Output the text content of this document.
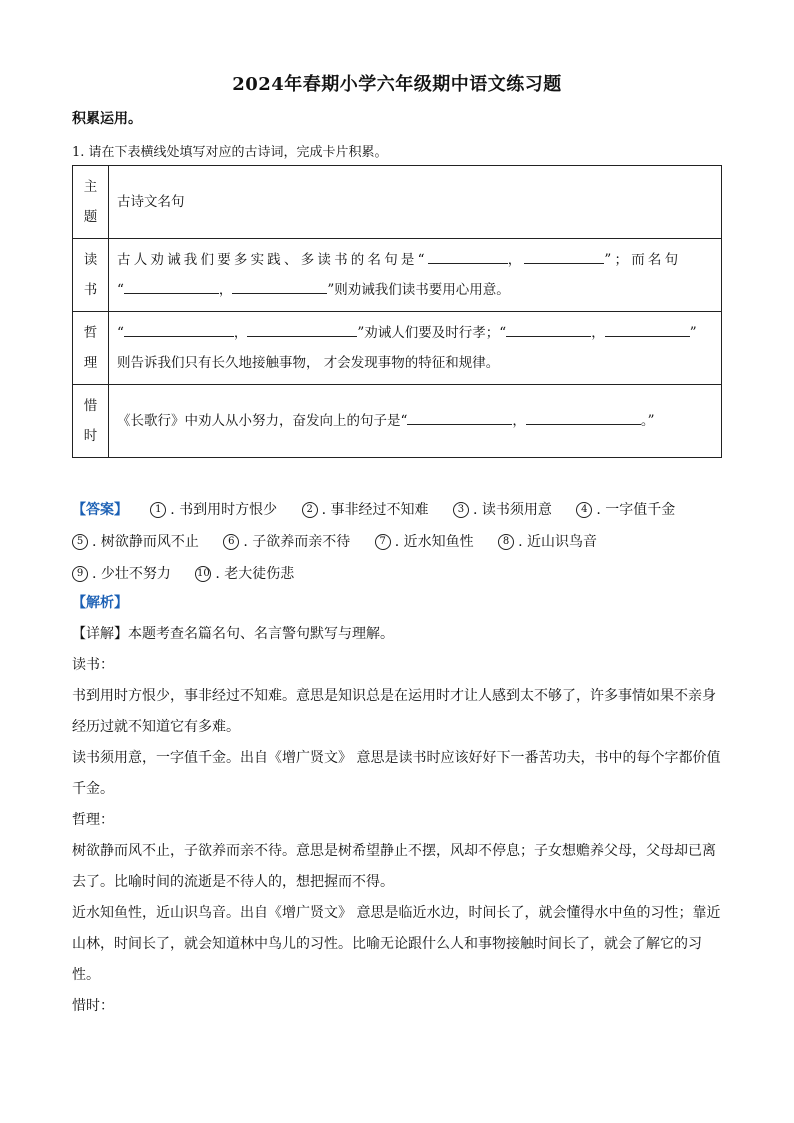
2024年春期小学六年级期中语文练习题
积累运用。
1. 请在下表横线处填写对应的古诗词，完成卡片积累。
主
题	古诗文名句
读
书	古人劝诫我们要多实践、多读书的名句是“ ， ”；而名句
“ ， ”则劝诫我们读书要用心用意。
哲
理	“ ， ”劝诫人们要及时行孝；“ ， ”
则告诉我们只有长久地接触事物， 才会发现事物的特征和规律。
惜
时	《长歌行》中劝人从小努力，奋发向上的句子是“ ， 。”
【答案】	1 . 书到用时方恨少	2 . 事非经过不知难	3 . 读书须用意	4 . 一字值千金 5 . 树欲静而风不止	6 . 子欲养而亲不待	7 . 近水知鱼性	8 . 近山识鸟音 9 . 少壮不努力	10 . 老大徒伤悲

【解析】

【详解】本题考查名篇名句、名言警句默写与理解。

读书：

书到用时方恨少，事非经过不知难。意思是知识总是在运用时才让人感到太不够了，许多事情如果不亲身经历过就不知道它有多难。

读书须用意，一字值千金。出自《增广贤文》 意思是读书时应该好好下一番苦功夫，书中的每个字都价值千金。

哲理：

树欲静而风不止，子欲养而亲不待。意思是树希望静止不摆，风却不停息；子女想赡养父母，父母却已离去了。比喻时间的流逝是不待人的，想把握而不得。

近水知鱼性，近山识鸟音。出自《增广贤文》 意思是临近水边，时间长了，就会懂得水中鱼的习性；靠近山林，时间长了，就会知道林中鸟儿的习性。比喻无论跟什么人和事物接触时间长了，就会了解它的习性。

惜时：
